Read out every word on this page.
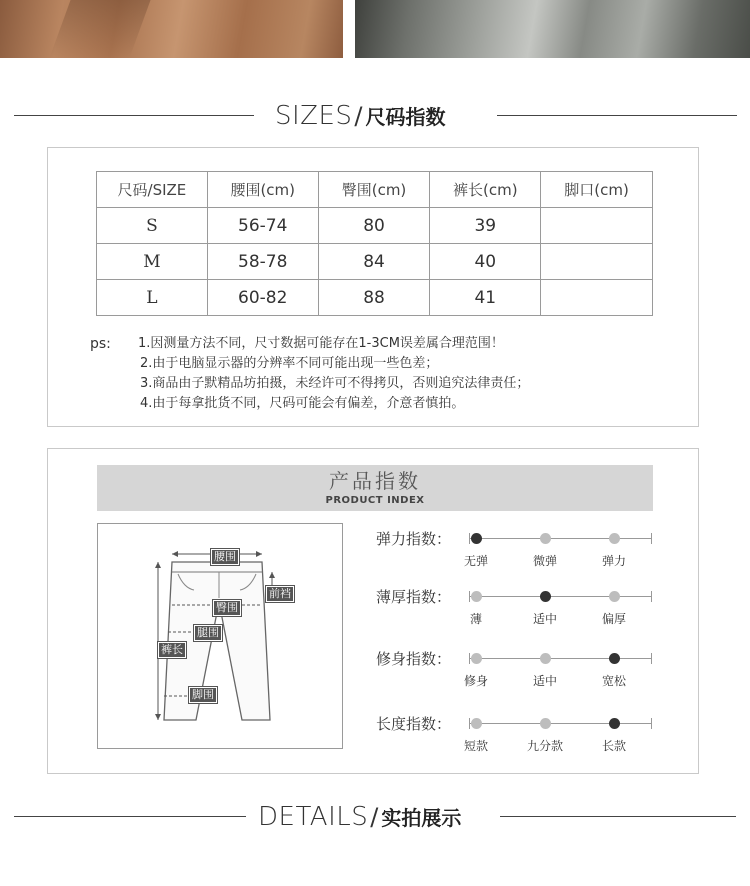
SIZES/ 尺码指数
尺码/SIZE	腰围(cm)	臀围(cm)	裤长(cm)	脚口(cm)
S	56-74	80	39	
M	58-78	84	40	
L	60-82	88	41	
ps: 1.因测量方法不同，尺寸数据可能存在1-3CM误差属合理范围！
2.由于电脑显示器的分辨率不同可能出现一些色差；
3.商品由子默精品坊拍摄，未经许可不得拷贝，否则追究法律责任；
4.由于每拿批货不同，尺码可能会有偏差，介意者慎拍。
产品指数
PRODUCT INDEX
腰围
前裆
臀围
腿围
裤长
脚围
弹力指数：
无弹	微弹	弹力
薄厚指数：
薄	适中	偏厚
修身指数：
修身	适中	宽松
长度指数：
短款	九分款	长款
DETAILS/ 实拍展示
